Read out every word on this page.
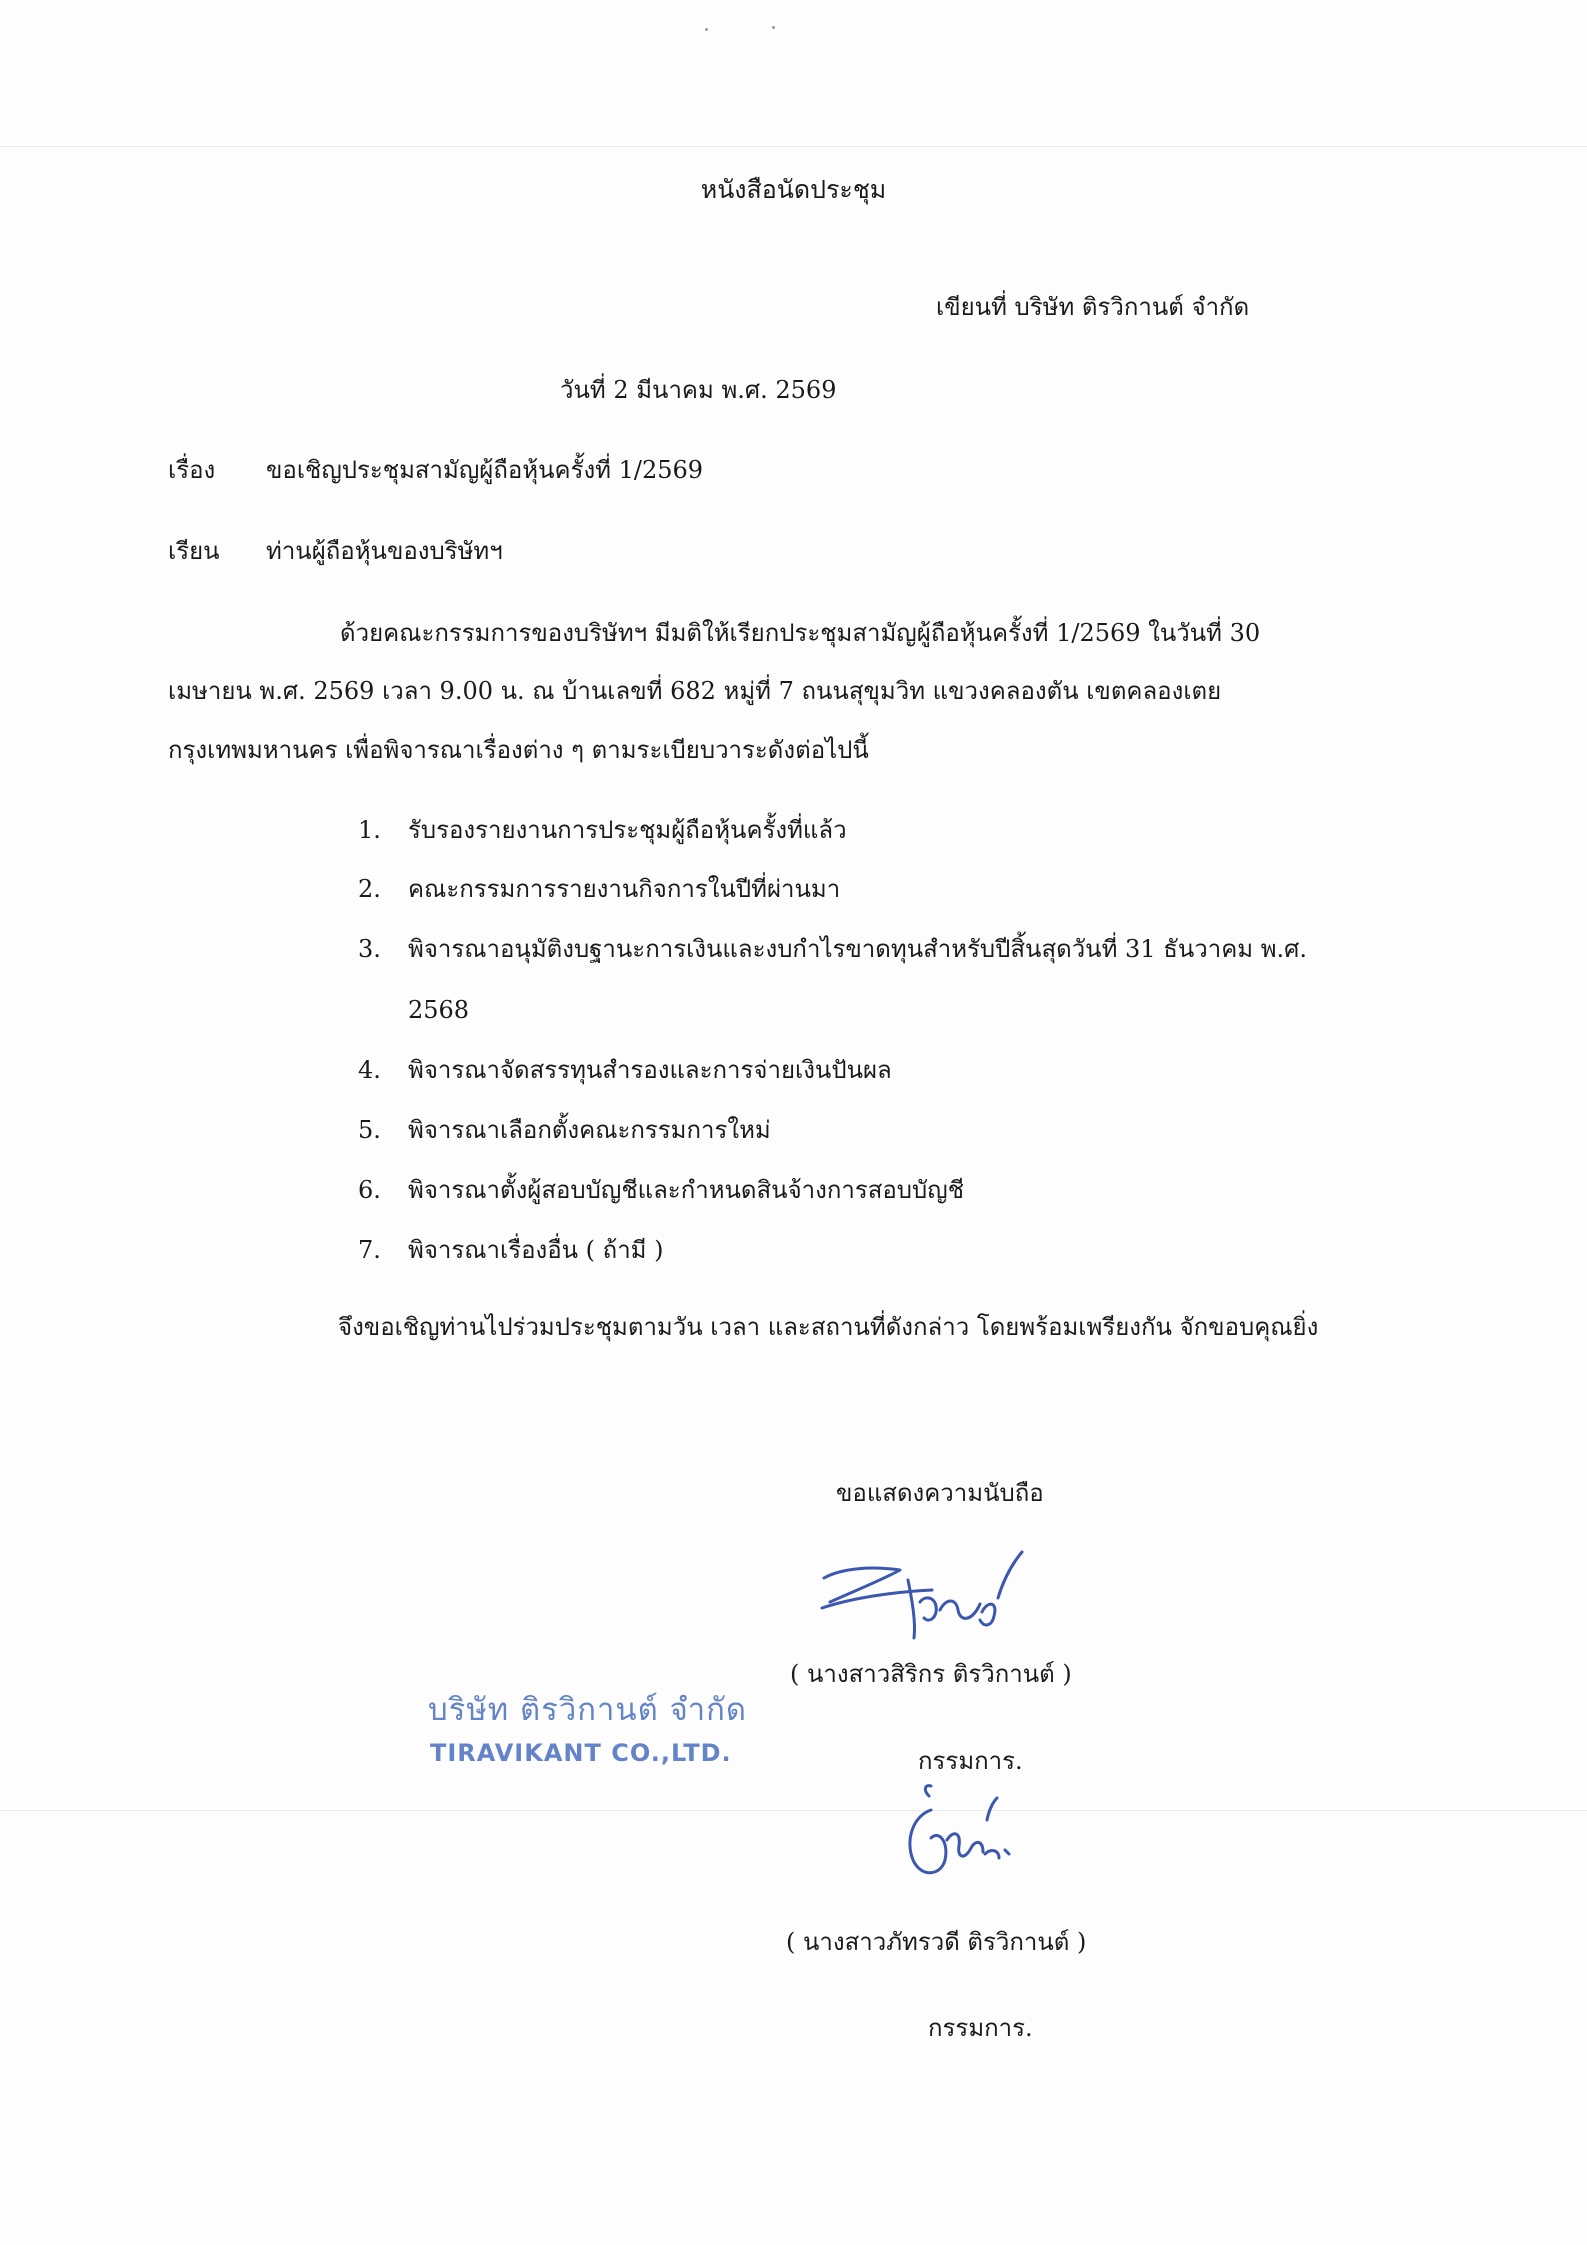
หนังสือนัดประชุม
เขียนที่ บริษัท ติรวิกานต์ จำกัด
วันที่ 2 มีนาคม พ.ศ. 2569
เรื่อง ขอเชิญประชุมสามัญผู้ถือหุ้นครั้งที่ 1/2569
เรียน ท่านผู้ถือหุ้นของบริษัทฯ
ด้วยคณะกรรมการของบริษัทฯ มีมติให้เรียกประชุมสามัญผู้ถือหุ้นครั้งที่ 1/2569 ในวันที่ 30
เมษายน พ.ศ. 2569 เวลา 9.00 น. ณ บ้านเลขที่ 682 หมู่ที่ 7 ถนนสุขุมวิท แขวงคลองตัน เขตคลองเตย
กรุงเทพมหานคร เพื่อพิจารณาเรื่องต่าง ๆ ตามระเบียบวาระดังต่อไปนี้
1. รับรองรายงานการประชุมผู้ถือหุ้นครั้งที่แล้ว
2. คณะกรรมการรายงานกิจการในปีที่ผ่านมา
3. พิจารณาอนุมัติงบฐานะการเงินและงบกำไรขาดทุนสำหรับปีสิ้นสุดวันที่ 31 ธันวาคม พ.ศ.
2568
4. พิจารณาจัดสรรทุนสำรองและการจ่ายเงินปันผล
5. พิจารณาเลือกตั้งคณะกรรมการใหม่
6. พิจารณาตั้งผู้สอบบัญชีและกำหนดสินจ้างการสอบบัญชี
7. พิจารณาเรื่องอื่น ( ถ้ามี )
จึงขอเชิญท่านไปร่วมประชุมตามวัน เวลา และสถานที่ดังกล่าว โดยพร้อมเพรียงกัน จักขอบคุณยิ่ง
ขอแสดงความนับถือ
( นางสาวสิริกร ติรวิกานต์ )
บริษัท ติรวิกานต์ จำกัด
TIRAVIKANT CO.,LTD.	กรรมการ.
( นางสาวภัทรวดี ติรวิกานต์ )
กรรมการ.
